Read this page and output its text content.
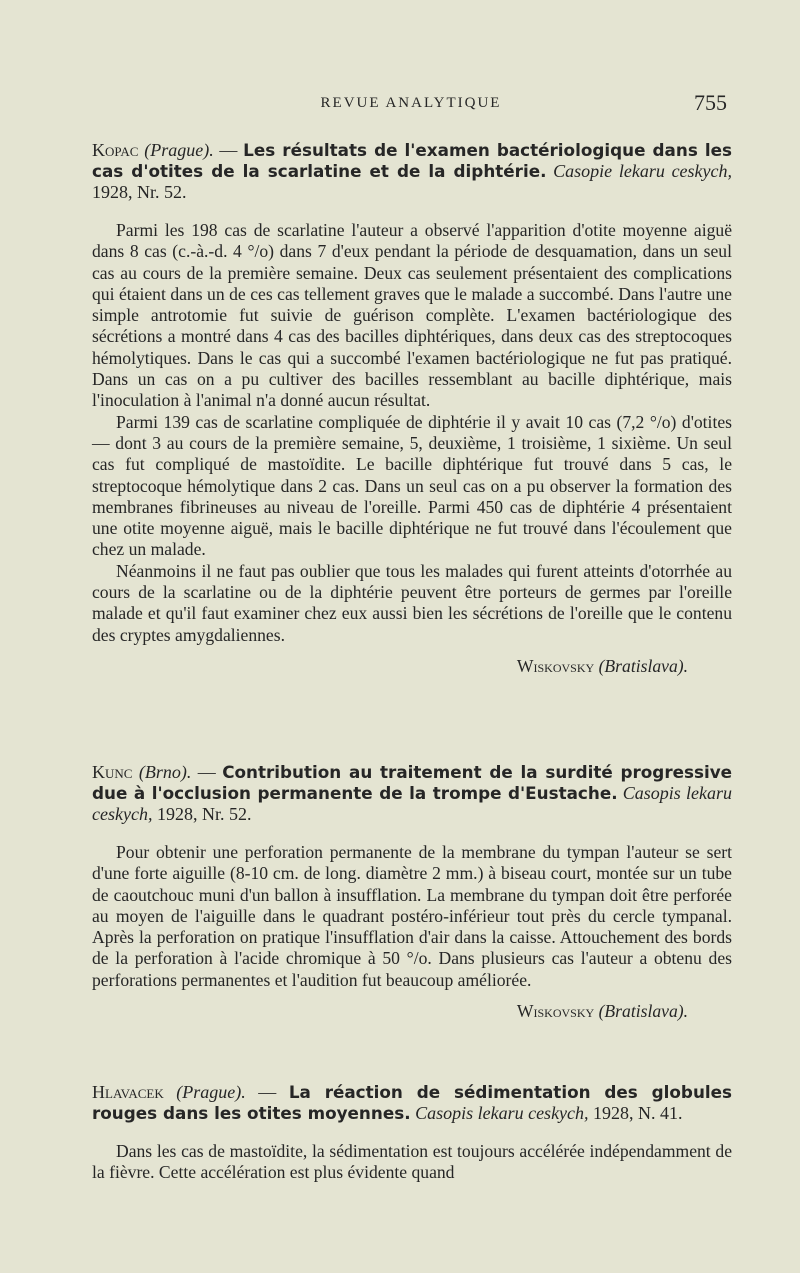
REVUE ANALYTIQUE	755
Kopac (Prague). — Les résultats de l'examen bactériologique dans les cas d'otites de la scarlatine et de la diphtérie. Casopie lekaru ceskych, 1928, Nr. 52.

Parmi les 198 cas de scarlatine l'auteur a observé l'apparition d'otite moyenne aiguë dans 8 cas (c.-à.-d. 4 °/o) dans 7 d'eux pendant la période de desquamation, dans un seul cas au cours de la première semaine. Deux cas seulement présentaient des complications qui étaient dans un de ces cas tellement graves que le malade a succombé. Dans l'autre une simple antrotomie fut suivie de guérison complète. L'examen bactériologique des sécrétions a montré dans 4 cas des bacilles diphtériques, dans deux cas des streptocoques hémolytiques. Dans le cas qui a succombé l'examen bactériologique ne fut pas pratiqué. Dans un cas on a pu cultiver des bacilles ressemblant au bacille diphtérique, mais l'inoculation à l'animal n'a donné aucun résultat.

Parmi 139 cas de scarlatine compliquée de diphtérie il y avait 10 cas (7,2 °/o) d'otites — dont 3 au cours de la première semaine, 5, deuxième, 1 troisième, 1 sixième. Un seul cas fut compliqué de mastoïdite. Le bacille diphtérique fut trouvé dans 5 cas, le streptocoque hémolytique dans 2 cas. Dans un seul cas on a pu observer la formation des membranes fibrineuses au niveau de l'oreille. Parmi 450 cas de diphtérie 4 présentaient une otite moyenne aiguë, mais le bacille diphtérique ne fut trouvé dans l'écoulement que chez un malade.

Néanmoins il ne faut pas oublier que tous les malades qui furent atteints d'otorrhée au cours de la scarlatine ou de la diphtérie peuvent être porteurs de germes par l'oreille malade et qu'il faut examiner chez eux aussi bien les sécrétions de l'oreille que le contenu des cryptes amygdaliennes.

Wiskovsky (Bratislava).
Kunc (Brno). — Contribution au traitement de la surdité progressive due à l'occlusion permanente de la trompe d'Eustache. Casopis lekaru ceskych, 1928, Nr. 52.

Pour obtenir une perforation permanente de la membrane du tympan l'auteur se sert d'une forte aiguille (8-10 cm. de long. diamètre 2 mm.) à biseau court, montée sur un tube de caoutchouc muni d'un ballon à insufflation. La membrane du tympan doit être perforée au moyen de l'aiguille dans le quadrant postéro-inférieur tout près du cercle tympanal. Après la perforation on pratique l'insufflation d'air dans la caisse. Attouchement des bords de la perforation à l'acide chromique à 50 °/o. Dans plusieurs cas l'auteur a obtenu des perforations permanentes et l'audition fut beaucoup améliorée.

Wiskovsky (Bratislava).
Hlavacek (Prague). — La réaction de sédimentation des globules rouges dans les otites moyennes. Casopis lekaru ceskych, 1928, N. 41.

Dans les cas de mastoïdite, la sédimentation est toujours accélérée indépendamment de la fièvre. Cette accélération est plus évidente quand
